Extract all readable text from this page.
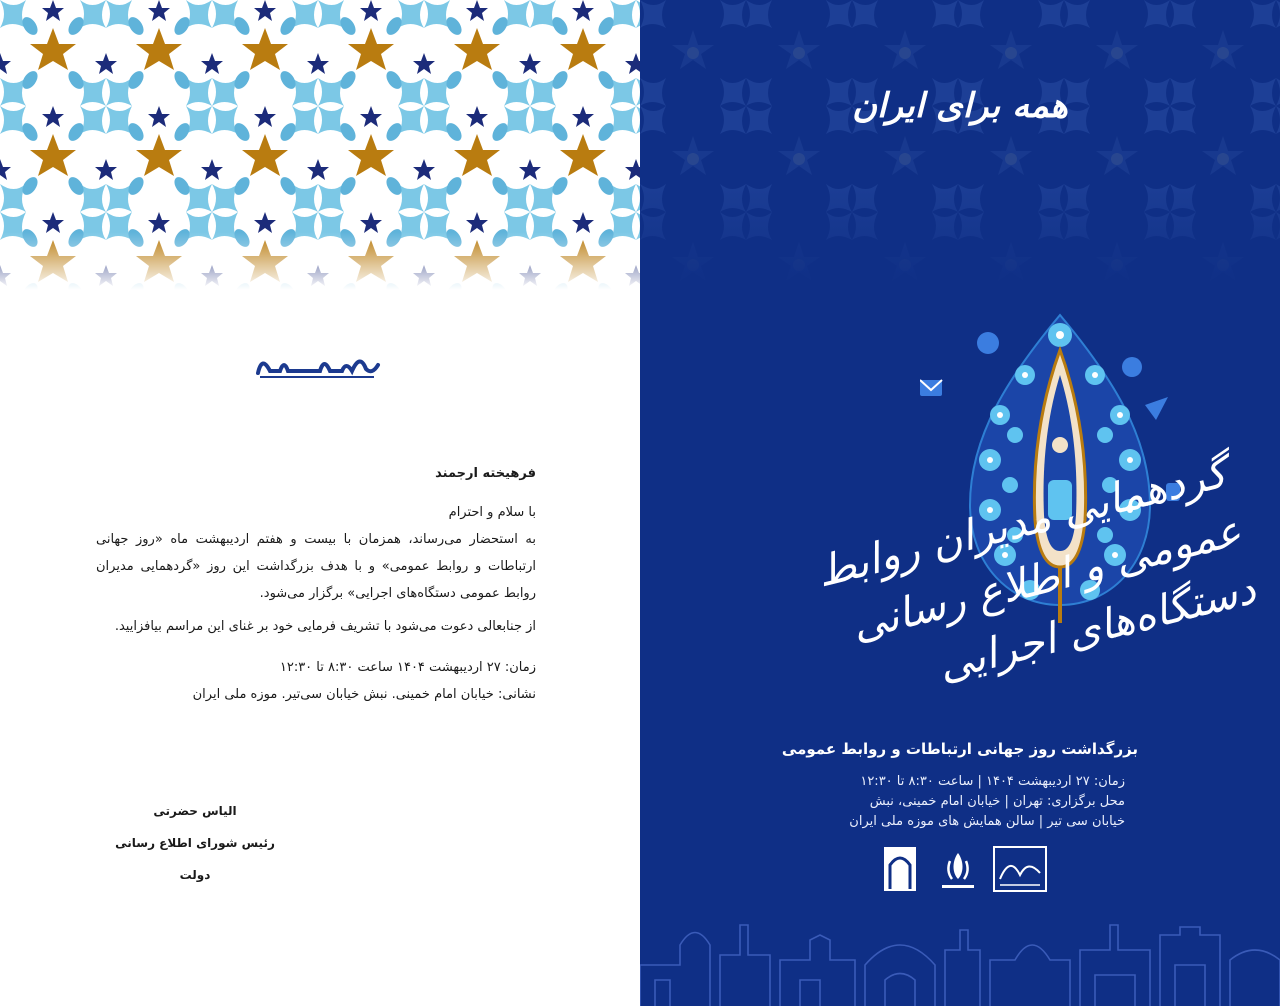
فرهیخته ارجمند

با سلام و احترام

به استحضار می‌رساند، همزمان با بیست و هفتم اردیبهشت ماه «روز جهانی ارتباطات و روابط عمومی» و با هدف بزرگداشت این روز «گردهمایی مدیران روابط عمومی دستگاه‌های اجرایی» برگزار می‌شود.

از جنابعالی دعوت می‌شود با تشریف فرمایی خود بر غنای این مراسم بیافزایید.

زمان: ۲۷ اردیبهشت ۱۴۰۴ ساعت ۸:۳۰ تا ۱۲:۳۰

نشانی: خیابان امام خمینی. نبش خیابان سی‌تیر. موزه ملی ایران

الیاس حضرتی
رئیس شورای اطلاع رسانی دولت
همه برای ایران
گردهمایی مدیران روابط عمومی و اطلاع رسانی دستگاه‌های اجرایی
بزرگداشت روز جهانی ارتباطات و روابط عمومی
زمان: ۲۷ اردیبهشت ۱۴۰۴ | ساعت ۸:۳۰ تا ۱۲:۳۰
محل برگزاری: تهران | خیابان امام خمینی، نبش
خیابان سی تیر | سالن همایش های موزه ملی ایران
